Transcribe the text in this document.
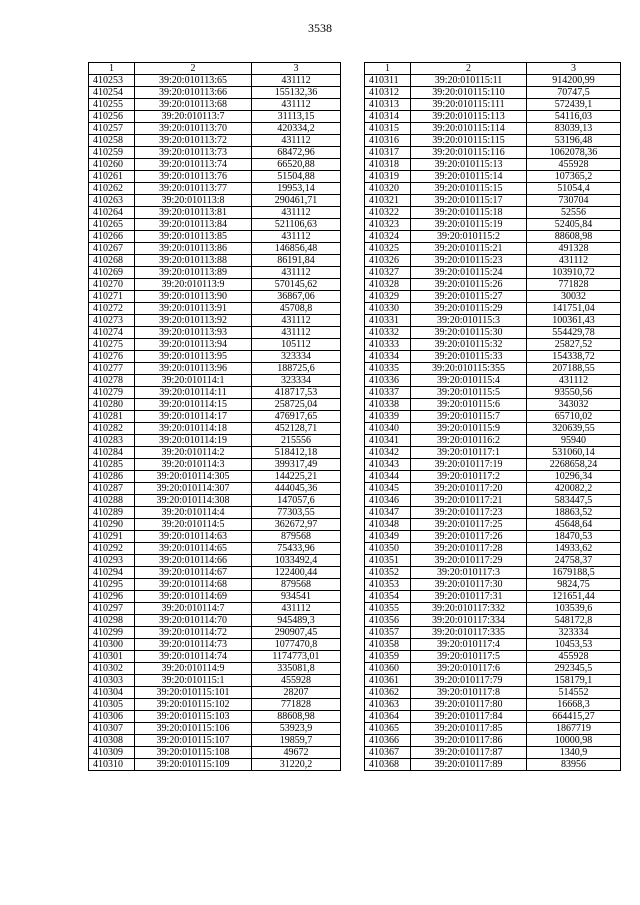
3538
1	2	3
410253	39:20:010113:65	431112
410254	39:20:010113:66	155132,36
410255	39:20:010113:68	431112
410256	39:20:010113:7	31113,15
410257	39:20:010113:70	420334,2
410258	39:20:010113:72	431112
410259	39:20:010113:73	68472,96
410260	39:20:010113:74	66520,88
410261	39:20:010113:76	51504,88
410262	39:20:010113:77	19953,14
410263	39:20:010113:8	290461,71
410264	39:20:010113:81	431112
410265	39:20:010113:84	521106,63
410266	39:20:010113:85	431112
410267	39:20:010113:86	146856,48
410268	39:20:010113:88	86191,84
410269	39:20:010113:89	431112
410270	39:20:010113:9	570145,62
410271	39:20:010113:90	36867,06
410272	39:20:010113:91	45708,8
410273	39:20:010113:92	431112
410274	39:20:010113:93	431112
410275	39:20:010113:94	105112
410276	39:20:010113:95	323334
410277	39:20:010113:96	188725,6
410278	39:20:010114:1	323334
410279	39:20:010114:11	418717,53
410280	39:20:010114:15	258725,04
410281	39:20:010114:17	476917,65
410282	39:20:010114:18	452128,71
410283	39:20:010114:19	215556
410284	39:20:010114:2	518412,18
410285	39:20:010114:3	399317,49
410286	39:20:010114:305	144225,21
410287	39:20:010114:307	444045,36
410288	39:20:010114:308	147057,6
410289	39:20:010114:4	77303,55
410290	39:20:010114:5	362672,97
410291	39:20:010114:63	879568
410292	39:20:010114:65	75433,96
410293	39:20:010114:66	1033492,4
410294	39:20:010114:67	122400,44
410295	39:20:010114:68	879568
410296	39:20:010114:69	934541
410297	39:20:010114:7	431112
410298	39:20:010114:70	945489,3
410299	39:20:010114:72	290907,45
410300	39:20:010114:73	1077470,8
410301	39:20:010114:74	1174773,01
410302	39:20:010114:9	335081,8
410303	39:20:010115:1	455928
410304	39:20:010115:101	28207
410305	39:20:010115:102	771828
410306	39:20:010115:103	88608,98
410307	39:20:010115:106	53923,9
410308	39:20:010115:107	19859,7
410309	39:20:010115:108	49672
410310	39:20:010115:109	31220,2
1	2	3
410311	39:20:010115:11	914200,99
410312	39:20:010115:110	70747,5
410313	39:20:010115:111	572439,1
410314	39:20:010115:113	54116,03
410315	39:20:010115:114	83039,13
410316	39:20:010115:115	53196,48
410317	39:20:010115:116	1062078,36
410318	39:20:010115:13	455928
410319	39:20:010115:14	107365,2
410320	39:20:010115:15	51054,4
410321	39:20:010115:17	730704
410322	39:20:010115:18	52556
410323	39:20:010115:19	52405,84
410324	39:20:010115:2	88608,98
410325	39:20:010115:21	491328
410326	39:20:010115:23	431112
410327	39:20:010115:24	103910,72
410328	39:20:010115:26	771828
410329	39:20:010115:27	30032
410330	39:20:010115:29	141751,04
410331	39:20:010115:3	100361,43
410332	39:20:010115:30	554429,78
410333	39:20:010115:32	25827,52
410334	39:20:010115:33	154338,72
410335	39:20:010115:355	207188,55
410336	39:20:010115:4	431112
410337	39:20:010115:5	93550,56
410338	39:20:010115:6	343032
410339	39:20:010115:7	65710,02
410340	39:20:010115:9	320639,55
410341	39:20:010116:2	95940
410342	39:20:010117:1	531060,14
410343	39:20:010117:19	2268658,24
410344	39:20:010117:2	10296,34
410345	39:20:010117:20	420082,2
410346	39:20:010117:21	583447,5
410347	39:20:010117:23	18863,52
410348	39:20:010117:25	45648,64
410349	39:20:010117:26	18470,53
410350	39:20:010117:28	14933,62
410351	39:20:010117:29	24758,37
410352	39:20:010117:3	1679188,5
410353	39:20:010117:30	9824,75
410354	39:20:010117:31	121651,44
410355	39:20:010117:332	103539,6
410356	39:20:010117:334	548172,8
410357	39:20:010117:335	323334
410358	39:20:010117:4	10453,53
410359	39:20:010117:5	455928
410360	39:20:010117:6	292345,5
410361	39:20:010117:79	158179,1
410362	39:20:010117:8	514552
410363	39:20:010117:80	16668,3
410364	39:20:010117:84	664415,27
410365	39:20:010117:85	1867719
410366	39:20:010117:86	10000,98
410367	39:20:010117:87	1340,9
410368	39:20:010117:89	83956
